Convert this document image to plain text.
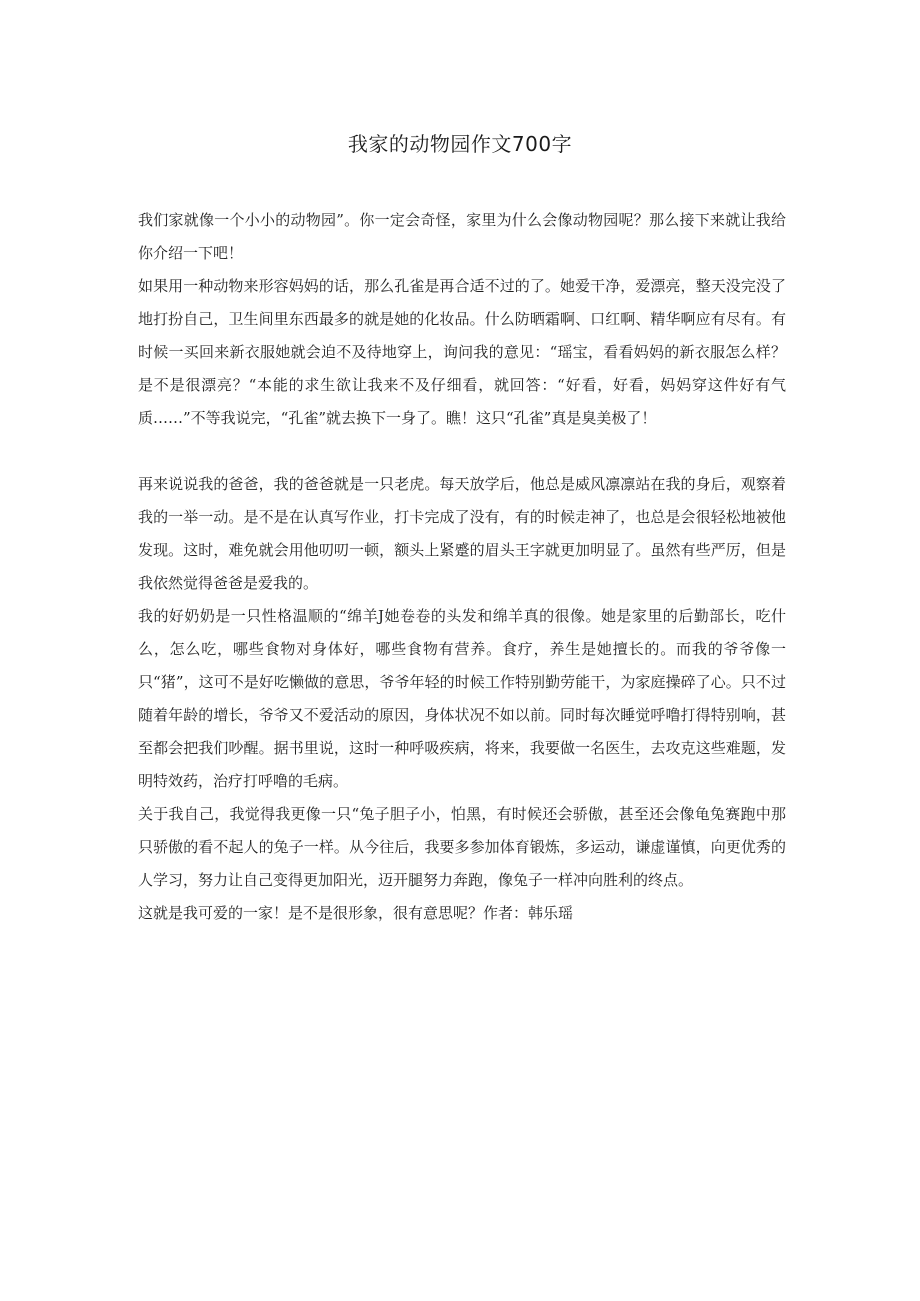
我家的动物园作文700字

我们家就像一个小小的动物园”。你一定会奇怪，家里为什么会像动物园呢？那么接下来就让我给你介绍一下吧！

如果用一种动物来形容妈妈的话，那么孔雀是再合适不过的了。她爱干净，爱漂亮，整天没完没了地打扮自己，卫生间里东西最多的就是她的化妆品。什么防晒霜啊、口红啊、精华啊应有尽有。有时候一买回来新衣服她就会迫不及待地穿上，询问我的意见：“瑶宝，看看妈妈的新衣服怎么样？是不是很漂亮？“本能的求生欲让我来不及仔细看，就回答：“好看，好看，妈妈穿这件好有气质……”不等我说完，“孔雀”就去换下一身了。瞧！这只“孔雀”真是臭美极了！

再来说说我的爸爸，我的爸爸就是一只老虎。每天放学后，他总是威风凛凛站在我的身后，观察着我的一举一动。是不是在认真写作业，打卡完成了没有，有的时候走神了，也总是会很轻松地被他发现。这时，难免就会用他叨叨一顿，额头上紧蹙的眉头王字就更加明显了。虽然有些严厉，但是我依然觉得爸爸是爱我的。

我的好奶奶是一只性格温顺的“绵羊J她卷卷的头发和绵羊真的很像。她是家里的后勤部长，吃什么，怎么吃，哪些食物对身体好，哪些食物有营养。食疗，养生是她擅长的。而我的爷爷像一只“猪”，这可不是好吃懒做的意思，爷爷年轻的时候工作特别勤劳能干，为家庭操碎了心。只不过随着年龄的增长，爷爷又不爱活动的原因，身体状况不如以前。同时每次睡觉呼噜打得特别响，甚至都会把我们吵醒。据书里说，这时一种呼吸疾病，将来，我要做一名医生，去攻克这些难题，发明特效药，治疗打呼噜的毛病。

关于我自己，我觉得我更像一只“兔子胆子小，怕黑，有时候还会骄傲，甚至还会像龟兔赛跑中那只骄傲的看不起人的兔子一样。从今往后，我要多参加体育锻炼，多运动，谦虚谨慎，向更优秀的人学习，努力让自己变得更加阳光，迈开腿努力奔跑，像兔子一样冲向胜利的终点。

这就是我可爱的一家！是不是很形象，很有意思呢？作者：韩乐瑶
